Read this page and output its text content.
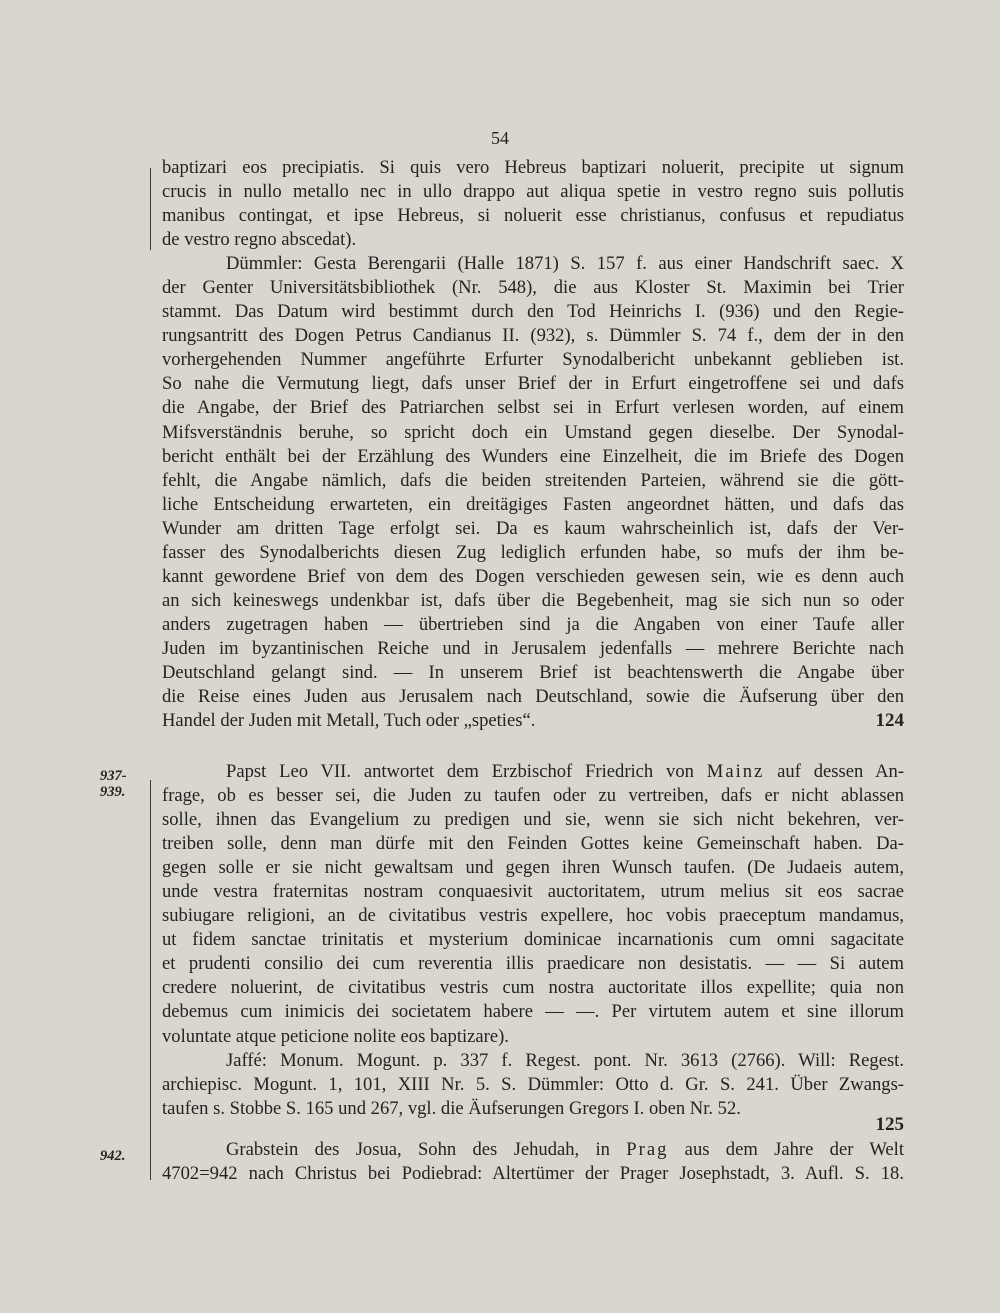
54
baptizari eos precipiatis. Si quis vero Hebreus baptizari noluerit, precipite ut signum
crucis in nullo metallo nec in ullo drappo aut aliqua spetie in vestro regno suis pollutis
manibus contingat, et ipse Hebreus, si noluerit esse christianus, confusus et repudiatus
de vestro regno abscedat).
Dümmler: Gesta Berengarii (Halle 1871) S. 157 f. aus einer Handschrift saec. X
der Genter Universitätsbibliothek (Nr. 548), die aus Kloster St. Maximin bei Trier
stammt. Das Datum wird bestimmt durch den Tod Heinrichs I. (936) und den Regie-
rungsantritt des Dogen Petrus Candianus II. (932), s. Dümmler S. 74 f., dem der in den
vorhergehenden Nummer angeführte Erfurter Synodalbericht unbekannt geblieben ist.
So nahe die Vermutung liegt, dafs unser Brief der in Erfurt eingetroffene sei und dafs
die Angabe, der Brief des Patriarchen selbst sei in Erfurt verlesen worden, auf einem
Mifsverständnis beruhe, so spricht doch ein Umstand gegen dieselbe. Der Synodal-
bericht enthält bei der Erzählung des Wunders eine Einzelheit, die im Briefe des Dogen
fehlt, die Angabe nämlich, dafs die beiden streitenden Parteien, während sie die gött-
liche Entscheidung erwarteten, ein dreitägiges Fasten angeordnet hätten, und dafs das
Wunder am dritten Tage erfolgt sei. Da es kaum wahrscheinlich ist, dafs der Ver-
fasser des Synodalberichts diesen Zug lediglich erfunden habe, so mufs der ihm be-
kannt gewordene Brief von dem des Dogen verschieden gewesen sein, wie es denn auch
an sich keineswegs undenkbar ist, dafs über die Begebenheit, mag sie sich nun so oder
anders zugetragen haben — übertrieben sind ja die Angaben von einer Taufe aller
Juden im byzantinischen Reiche und in Jerusalem jedenfalls — mehrere Berichte nach
Deutschland gelangt sind. — In unserem Brief ist beachtenswerth die Angabe über
die Reise eines Juden aus Jerusalem nach Deutschland, sowie die Äufserung über den
Handel der Juden mit Metall, Tuch oder „speties“.	124
937-
939.
Papst Leo VII. antwortet dem Erzbischof Friedrich von Mainz auf dessen An-
frage, ob es besser sei, die Juden zu taufen oder zu vertreiben, dafs er nicht ablassen
solle, ihnen das Evangelium zu predigen und sie, wenn sie sich nicht bekehren, ver-
treiben solle, denn man dürfe mit den Feinden Gottes keine Gemeinschaft haben. Da-
gegen solle er sie nicht gewaltsam und gegen ihren Wunsch taufen. (De Judaeis autem,
unde vestra fraternitas nostram conquaesivit auctoritatem, utrum melius sit eos sacrae
subiugare religioni, an de civitatibus vestris expellere, hoc vobis praeceptum mandamus,
ut fidem sanctae trinitatis et mysterium dominicae incarnationis cum omni sagacitate
et prudenti consilio dei cum reverentia illis praedicare non desistatis. — — Si autem
credere noluerint, de civitatibus vestris cum nostra auctoritate illos expellite; quia non
debemus cum inimicis dei societatem habere — —. Per virtutem autem et sine illorum
voluntate atque peticione nolite eos baptizare).
Jaffé: Monum. Mogunt. p. 337 f. Regest. pont. Nr. 3613 (2766). Will: Regest.
archiepisc. Mogunt. 1, 101, XIII Nr. 5. S. Dümmler: Otto d. Gr. S. 241. Über Zwangs-
taufen s. Stobbe S. 165 und 267, vgl. die Äufserungen Gregors I. oben Nr. 52.
125
942.	Grabstein des Josua, Sohn des Jehudah, in Prag aus dem Jahre der Welt
4702=942 nach Christus bei Podiebrad: Altertümer der Prager Josephstadt, 3. Aufl. S. 18.
